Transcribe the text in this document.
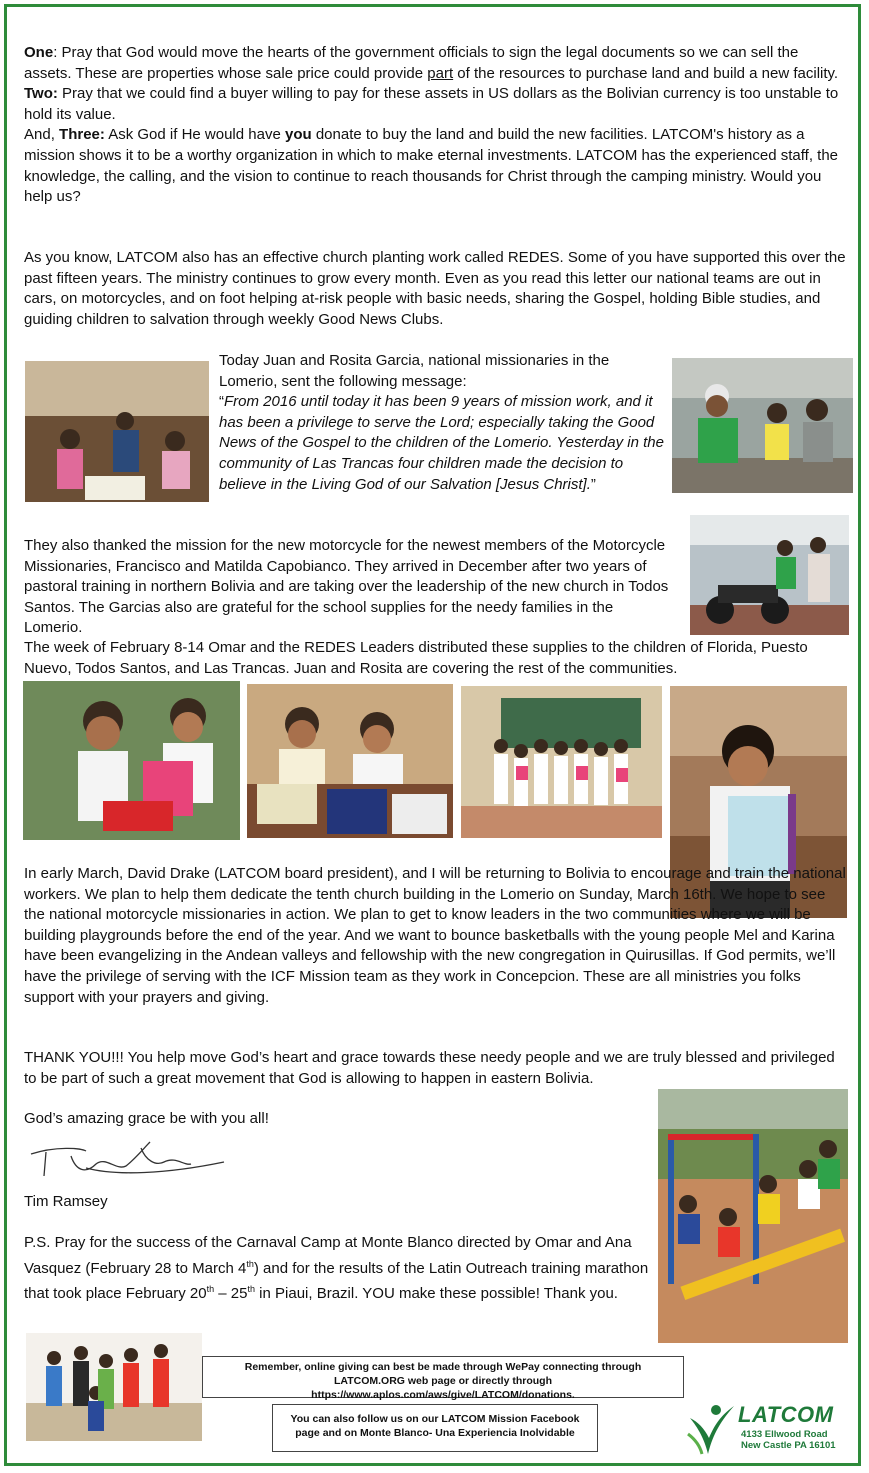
One: Pray that God would move the hearts of the government officials to sign the legal documents so we can sell the assets. These are properties whose sale price could provide part of the resources to purchase land and build a new facility.

Two: Pray that we could find a buyer willing to pay for these assets in US dollars as the Bolivian currency is too unstable to hold its value.

And, Three: Ask God if He would have you donate to buy the land and build the new facilities. LATCOM's history as a mission shows it to be a worthy organization in which to make eternal investments. LATCOM has the experienced staff, the knowledge, the calling, and the vision to continue to reach thousands for Christ through the camping ministry. Would you help us?

As you know, LATCOM also has an effective church planting work called REDES. Some of you have supported this over the past fifteen years. The ministry continues to grow every month. Even as you read this letter our national teams are out in cars, on motorcycles, and on foot helping at-risk people with basic needs, sharing the Gospel, holding Bible studies, and guiding children to salvation through weekly Good News Clubs.

Today Juan and Rosita Garcia, national missionaries in the Lomerio, sent the following message:

“From 2016 until today it has been 9 years of mission work, and it has been a privilege to serve the Lord; especially taking the Good News of the Gospel to the children of the Lomerio. Yesterday in the community of Las Trancas four children made the decision to believe in the Living God of our Salvation [Jesus Christ].”

They also thanked the mission for the new motorcycle for the newest members of the Motorcycle Missionaries, Francisco and Matilda Capobianco. They arrived in December after two years of pastoral training in northern Bolivia and are taking over the leadership of the new church in Todos Santos. The Garcias also are grateful for the school supplies for the needy families in the Lomerio.
The week of February 8-14 Omar and the REDES Leaders distributed these supplies to the children of Florida, Puesto Nuevo, Todos Santos, and Las Trancas. Juan and Rosita are covering the rest of the communities.
In early March, David Drake (LATCOM board president), and I will be returning to Bolivia to encourage and train the national workers. We plan to help them dedicate the tenth church building in the Lomerio on Sunday, March 16th. We hope to see the national motorcycle missionaries in action. We plan to get to know leaders in the two communities where we will be building playgrounds before the end of the year. And we want to bounce basketballs with the young people Mel and Karina have been evangelizing in the Andean valleys and fellowship with the new congregation in Quirusillas. If God permits, we’ll have the privilege of serving with the ICF Mission team as they work in Concepcion. These are all ministries you folks support with your prayers and giving.
THANK YOU!!! You help move God’s heart and grace towards these needy people and we are truly blessed and privileged to be part of such a great movement that God is allowing to happen in eastern Bolivia.
God’s amazing grace be with you all!
Tim Ramsey

P.S. Pray for the success of the Carnaval Camp at Monte Blanco directed by Omar and Ana Vasquez (February 28 to March 4th) and for the results of the Latin Outreach training marathon that took place February 20th – 25th in Piaui, Brazil. YOU make these possible! Thank you.

Remember, online giving can best be made through WePay connecting through LATCOM.ORG web page or directly through https://www.aplos.com/aws/give/LATCOM/donations.
You can also follow us on our LATCOM Mission Facebook page and on Monte Blanco- Una Experiencia Inolvidable
LATCOM
4133 Ellwood Road
New Castle PA 16101
